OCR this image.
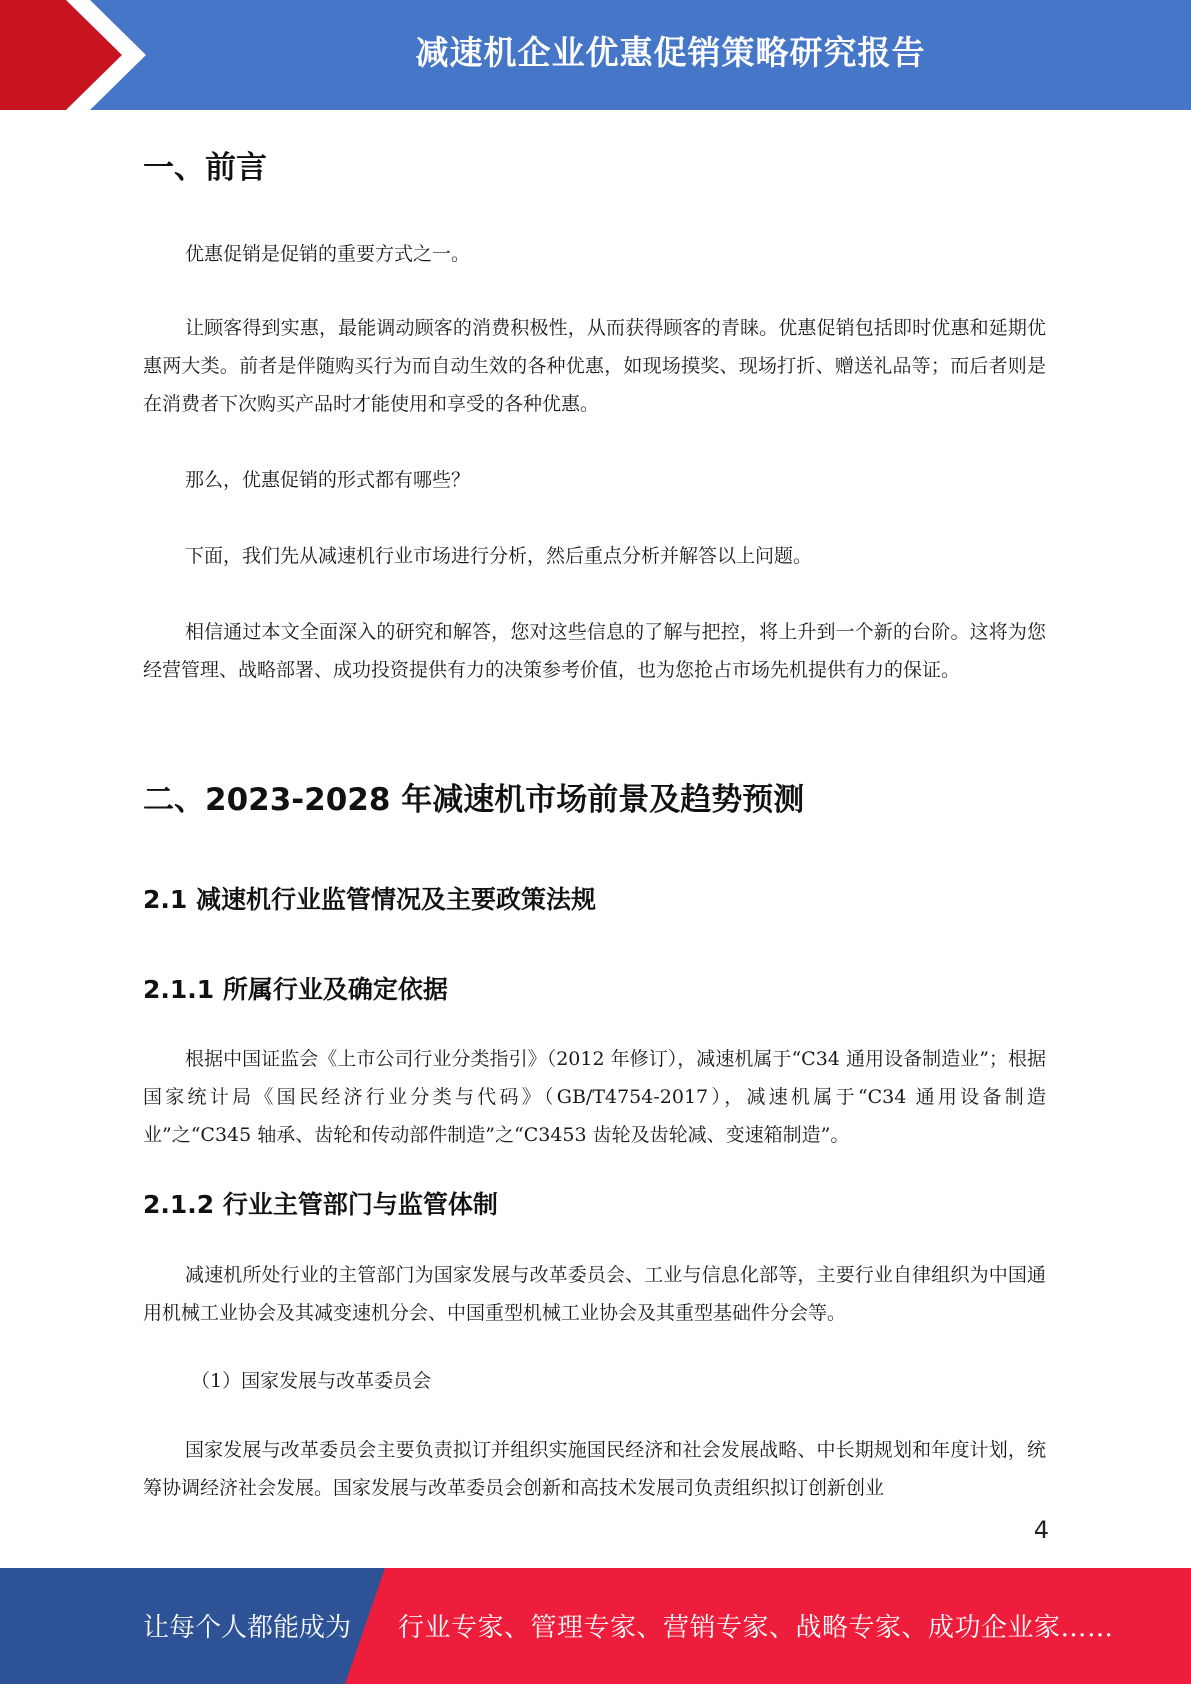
减速机企业优惠促销策略研究报告
一、前言

优惠促销是促销的重要方式之一。

让顾客得到实惠，最能调动顾客的消费积极性，从而获得顾客的青睐。优惠促销包括即时优惠和延期优惠两大类。前者是伴随购买行为而自动生效的各种优惠，如现场摸奖、现场打折、赠送礼品等；而后者则是在消费者下次购买产品时才能使用和享受的各种优惠。

那么，优惠促销的形式都有哪些？

下面，我们先从减速机行业市场进行分析，然后重点分析并解答以上问题。

相信通过本文全面深入的研究和解答，您对这些信息的了解与把控，将上升到一个新的台阶。这将为您经营管理、战略部署、成功投资提供有力的决策参考价值，也为您抢占市场先机提供有力的保证。

二、2023-2028 年减速机市场前景及趋势预测
2.1 减速机行业监管情况及主要政策法规
2.1.1 所属行业及确定依据

根据中国证监会《上市公司行业分类指引》（2012 年修订），减速机属于“C34 通用设备制造业”；根据国家统计局《国民经济行业分类与代码》（GB/T4754-2017），减速机属于“C34 通用设备制造业”之“C345 轴承、齿轮和传动部件制造”之“C3453 齿轮及齿轮减、变速箱制造”。

2.1.2 行业主管部门与监管体制

减速机所处行业的主管部门为国家发展与改革委员会、工业与信息化部等，主要行业自律组织为中国通用机械工业协会及其减变速机分会、中国重型机械工业协会及其重型基础件分会等。

（1）国家发展与改革委员会

国家发展与改革委员会主要负责拟订并组织实施国民经济和社会发展战略、中长期规划和年度计划，统筹协调经济社会发展。国家发展与改革委员会创新和高技术发展司负责组织拟订创新创业

4
让每个人都能成为 行业专家、管理专家、营销专家、战略专家、成功企业家……
